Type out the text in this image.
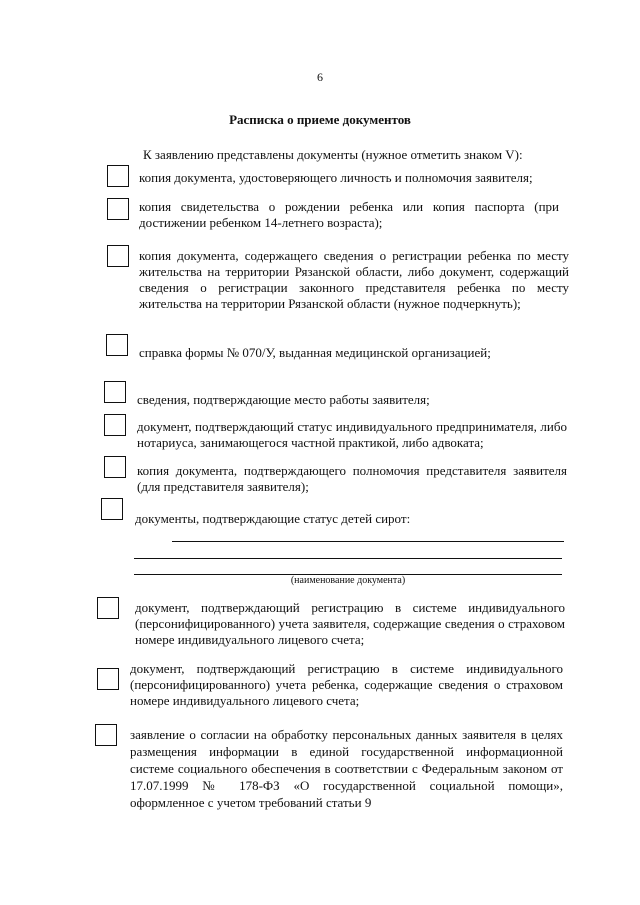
6
Расписка о приеме документов
К заявлению представлены документы (нужное отметить знаком V):
копия документа, удостоверяющего личность и полномочия заявителя;
копия свидетельства о рождении ребенка или копия паспорта (при достижении ребенком 14-летнего возраста);
копия документа, содержащего сведения о регистрации ребенка по месту жительства на территории Рязанской области, либо документ, содержащий сведения о регистрации законного представителя ребенка по месту жительства на территории Рязанской области (нужное подчеркнуть);
справка формы № 070/У, выданная медицинской организацией;
сведения, подтверждающие место работы заявителя;
документ, подтверждающий статус индивидуального предпринимателя, либо нотариуса, занимающегося частной практикой, либо адвоката;
копия документа, подтверждающего полномочия представителя заявителя (для представителя заявителя);
документы, подтверждающие статус детей сирот:
(наименование документа)
документ, подтверждающий регистрацию в системе индивидуального (персонифицированного) учета заявителя, содержащие сведения о страховом номере индивидуального лицевого счета;
документ, подтверждающий регистрацию в системе индивидуального (персонифицированного) учета ребенка, содержащие сведения о страховом номере индивидуального лицевого счета;
заявление о согласии на обработку персональных данных заявителя в целях размещения информации в единой государственной информационной системе социального обеспечения в соответствии с Федеральным законом от 17.07.1999 № 178-ФЗ «О государственной социальной помощи», оформленное с учетом требований статьи 9
